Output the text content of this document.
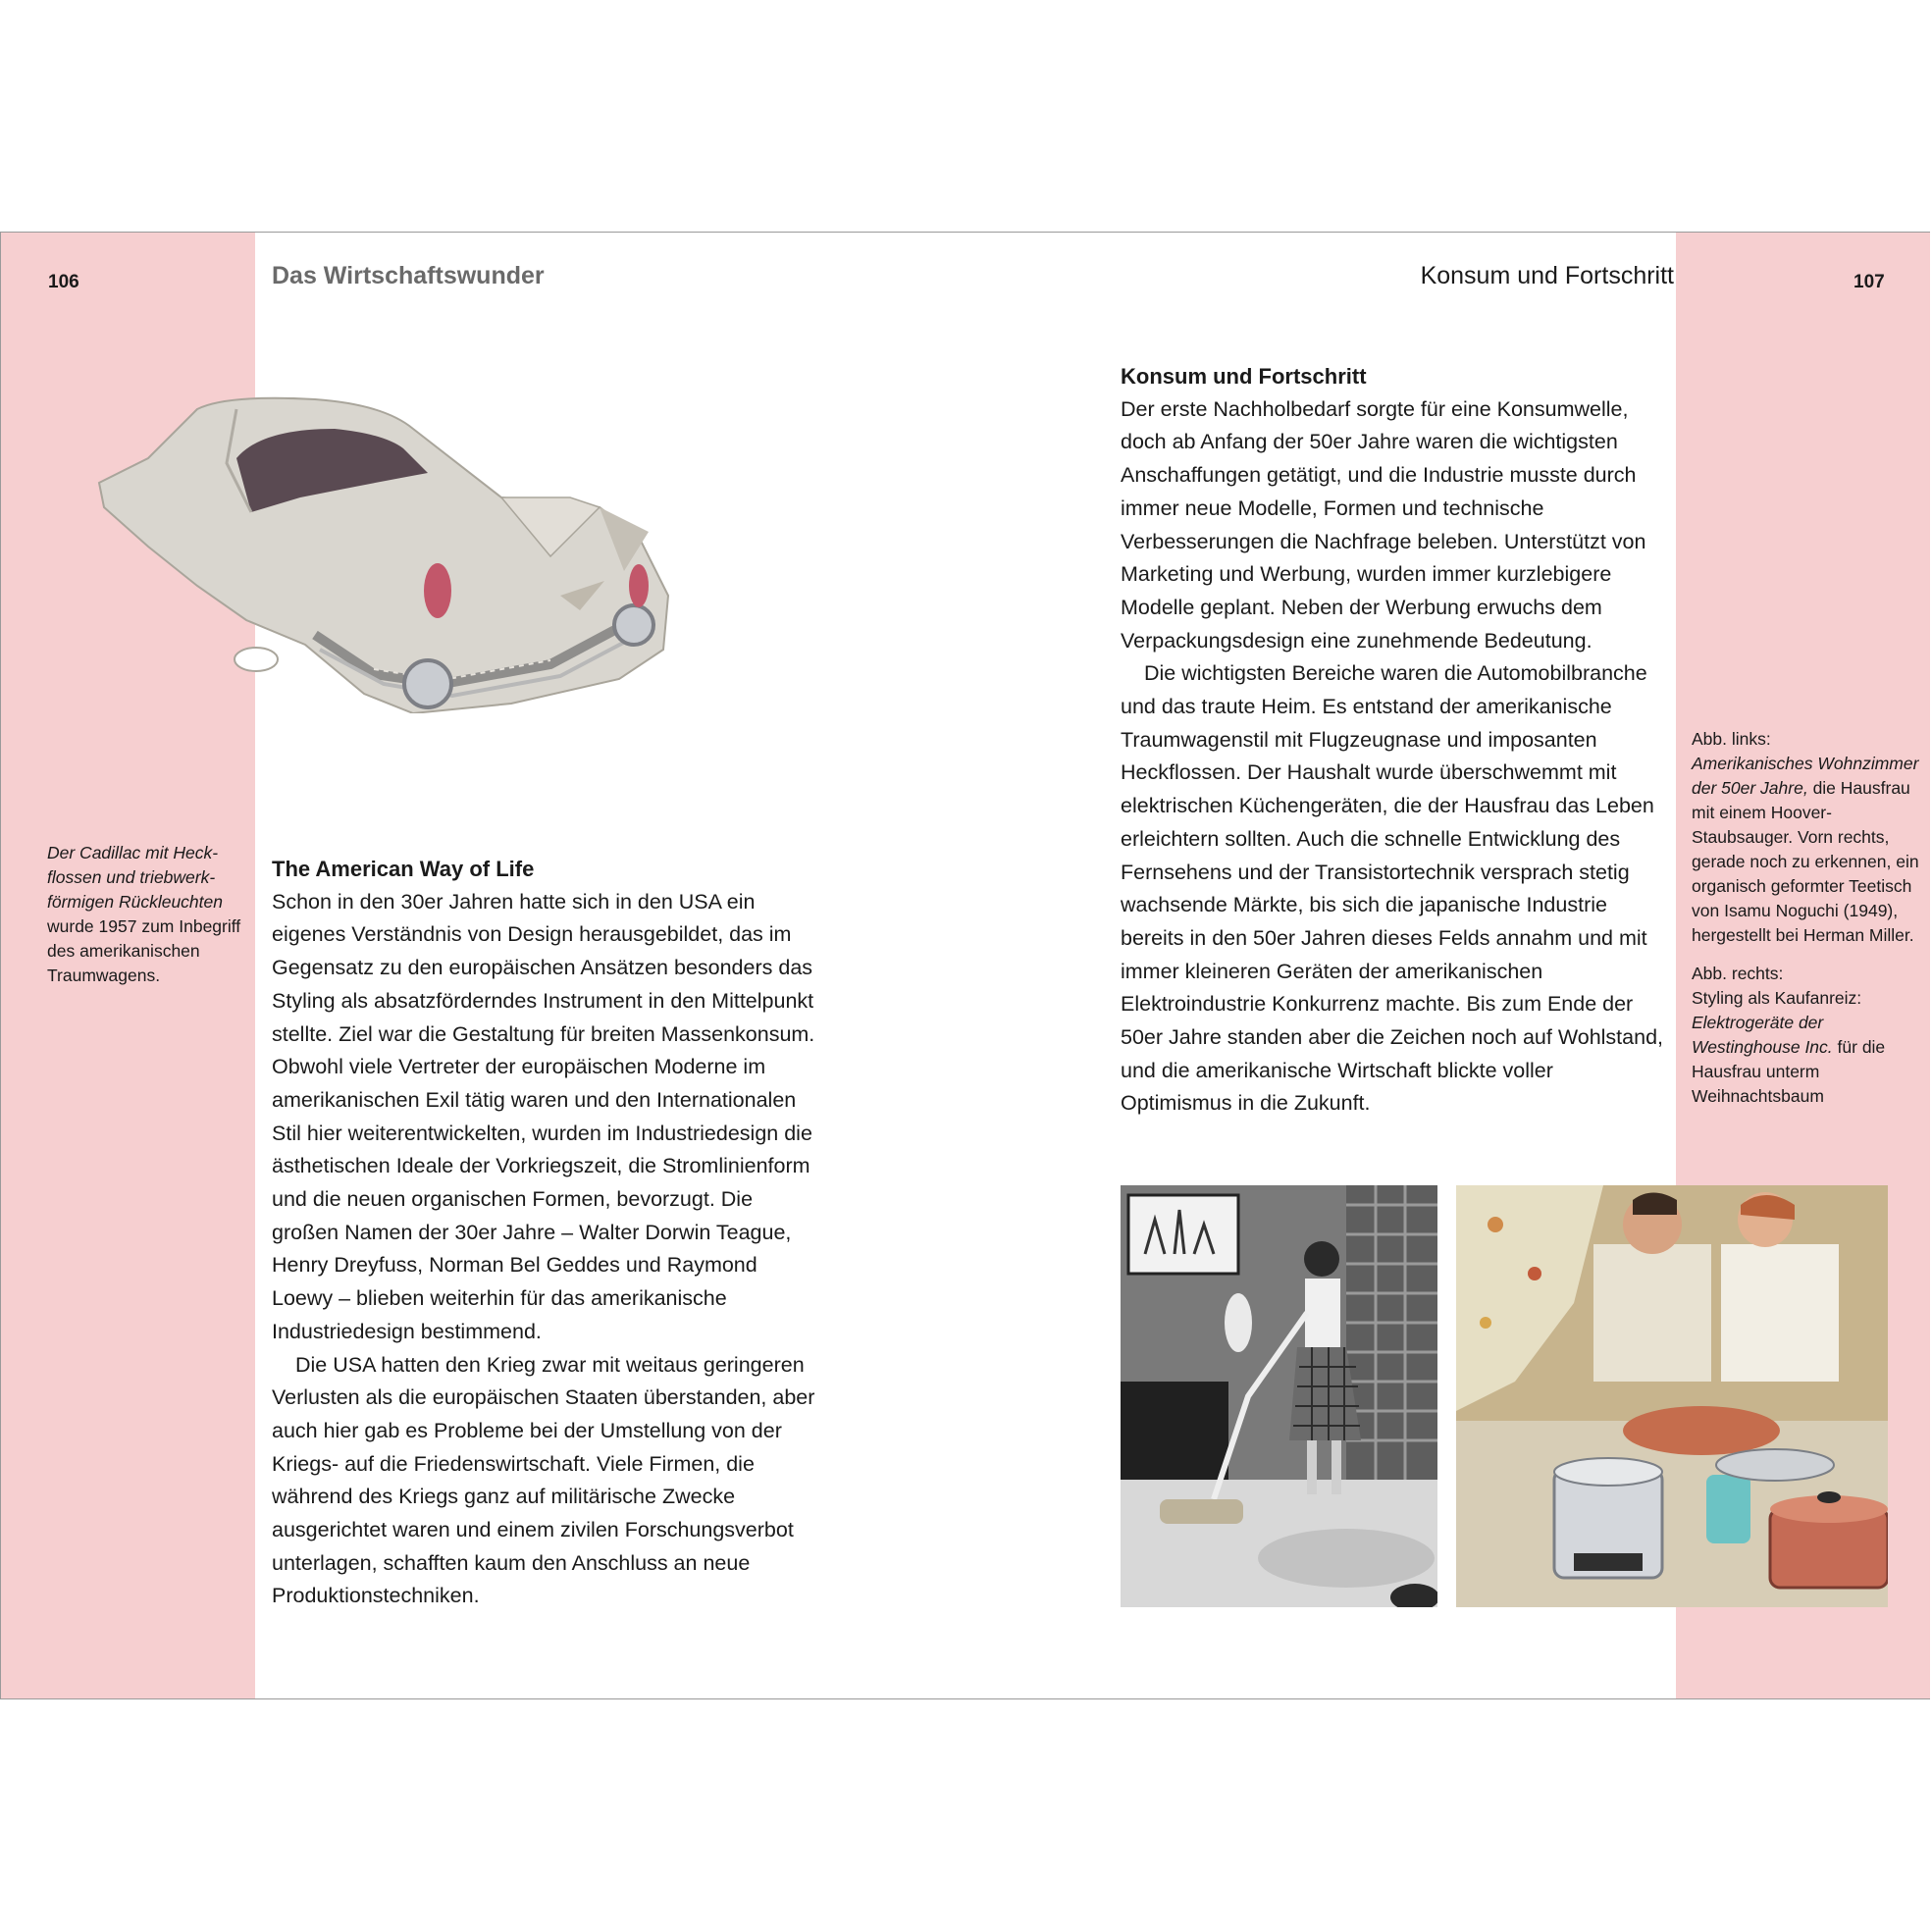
106	107
Das Wirtschaftswunder	Konsum und Fortschritt
Der Cadillac mit Heckflossen und triebwerkförmigen Rückleuchten wurde 1957 zum Inbegriff des amerikanischen Traumwagens.
The American Way of Life

Schon in den 30er Jahren hatte sich in den USA ein eigenes Verständnis von Design herausgebildet, das im Gegensatz zu den europäischen Ansätzen besonders das Styling als absatzförderndes Instrument in den Mittelpunkt stellte. Ziel war die Gestaltung für breiten Massenkonsum. Obwohl viele Vertreter der europäischen Moderne im amerikanischen Exil tätig waren und den Internationalen Stil hier weiterentwickelten, wurden im Industriedesign die ästhetischen Ideale der Vorkriegszeit, die Stromlinienform und die neuen organischen Formen, bevorzugt. Die großen Namen der 30er Jahre – Walter Dorwin Teague, Henry Dreyfuss, Norman Bel Geddes und Raymond Loewy – blieben weiterhin für das amerikanische Industriedesign bestimmend.

Die USA hatten den Krieg zwar mit weitaus geringeren Verlusten als die europäischen Staaten überstanden, aber auch hier gab es Probleme bei der Umstellung von der Kriegs- auf die Friedenswirtschaft. Viele Firmen, die während des Kriegs ganz auf militärische Zwecke ausgerichtet waren und einem zivilen Forschungsverbot unterlagen, schafften kaum den Anschluss an neue Produktionstechniken.

Konsum und Fortschritt

Der erste Nachholbedarf sorgte für eine Konsumwelle, doch ab Anfang der 50er Jahre waren die wichtigsten Anschaffungen getätigt, und die Industrie musste durch immer neue Modelle, Formen und technische Verbesserungen die Nachfrage beleben. Unterstützt von Marketing und Werbung, wurden immer kurzlebigere Modelle geplant. Neben der Werbung erwuchs dem Verpackungsdesign eine zunehmende Bedeutung.

Die wichtigsten Bereiche waren die Automobilbranche und das traute Heim. Es entstand der amerikanische Traumwagenstil mit Flugzeugnase und imposanten Heckflossen. Der Haushalt wurde überschwemmt mit elektrischen Küchengeräten, die der Hausfrau das Leben erleichtern sollten. Auch die schnelle Entwicklung des Fernsehens und der Transistortechnik versprach stetig wachsende Märkte, bis sich die japanische Industrie bereits in den 50er Jahren dieses Felds annahm und mit immer kleineren Geräten der amerikanischen Elektroindustrie Konkurrenz machte. Bis zum Ende der 50er Jahre standen aber die Zeichen noch auf Wohlstand, und die amerikanische Wirtschaft blickte voller Optimismus in die Zukunft.

Abb. links:
Amerikanisches Wohnzimmer der 50er Jahre, die Hausfrau mit einem Hoover-Staubsauger. Vorn rechts, gerade noch zu erkennen, ein organisch geformter Teetisch von Isamu Noguchi (1949), hergestellt bei Herman Miller.

Abb. rechts:
Styling als Kaufanreiz:
Elektrogeräte der Westinghouse Inc. für die Hausfrau unterm Weihnachtsbaum
